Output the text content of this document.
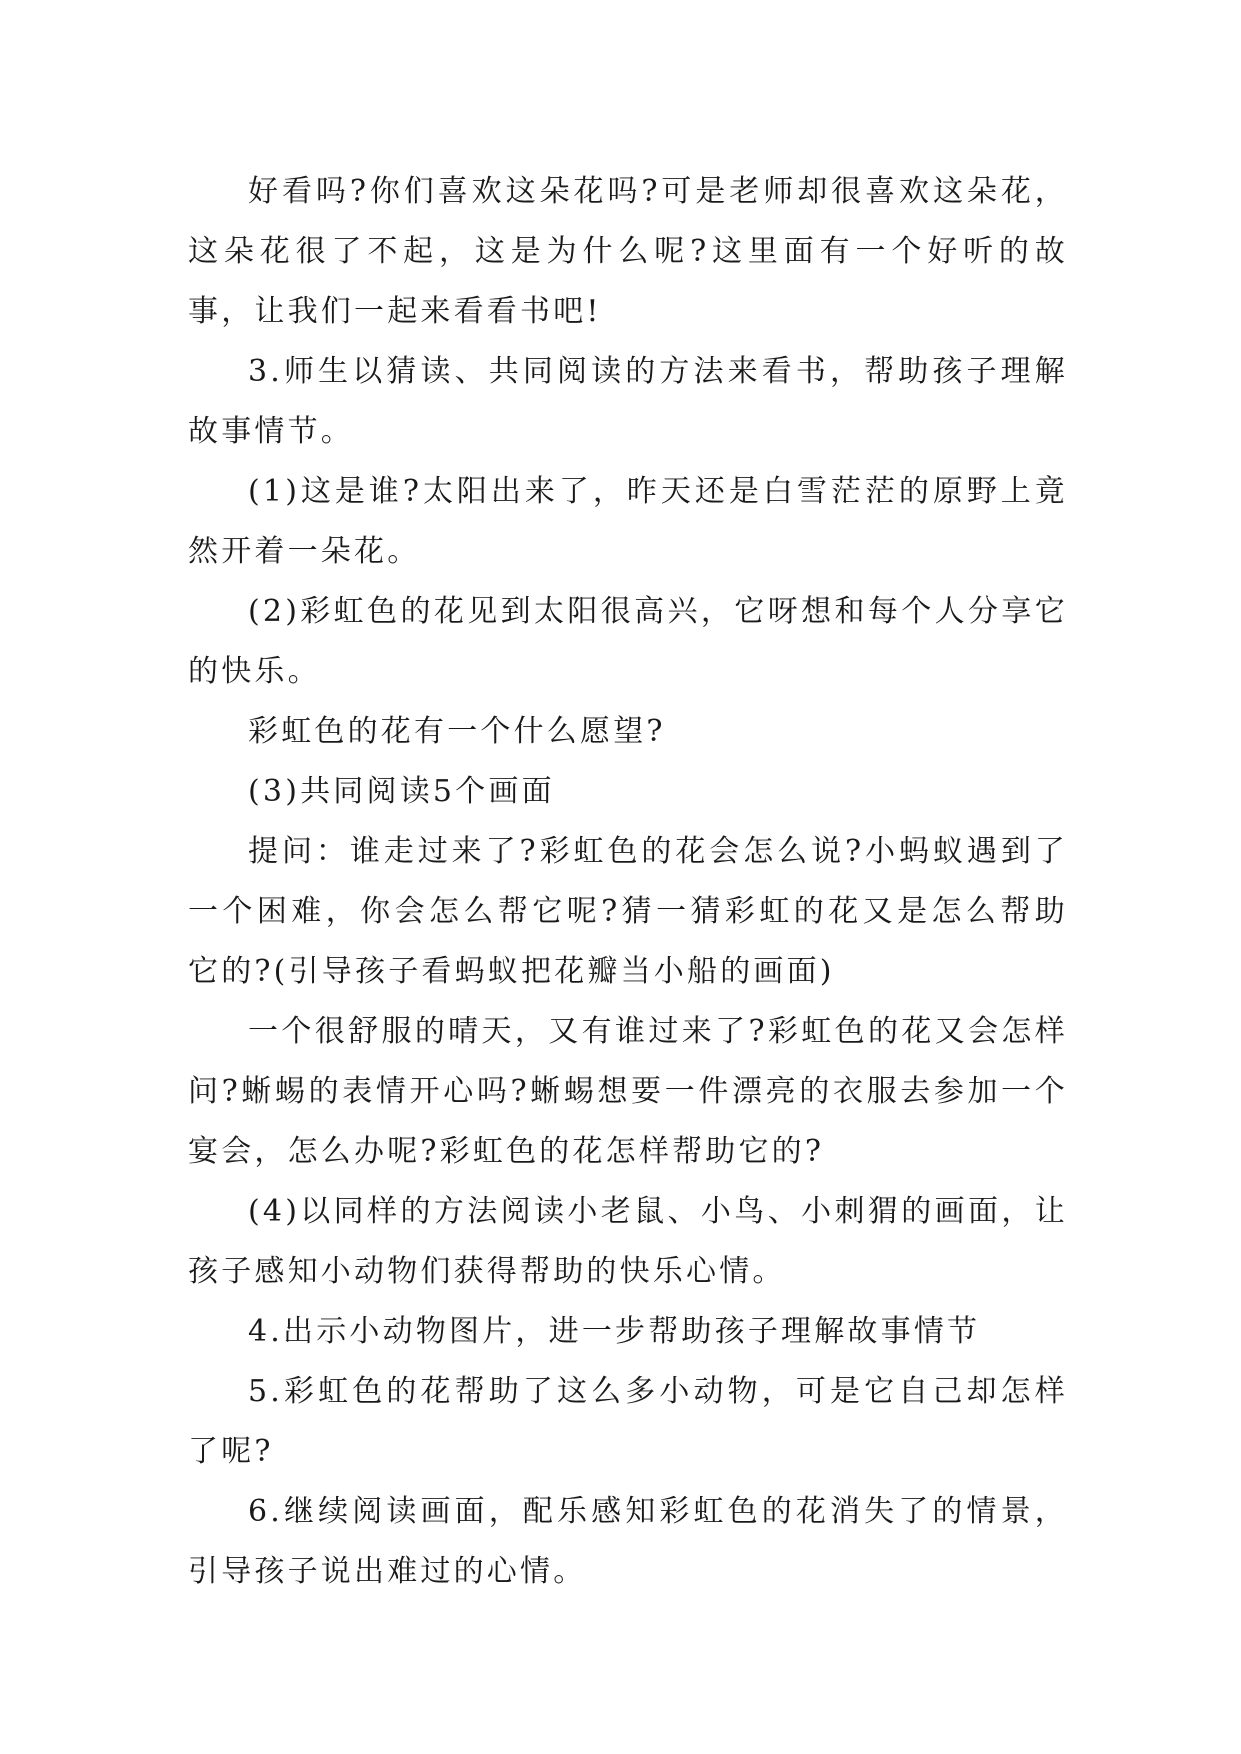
好看吗?你们喜欢这朵花吗?可是老师却很喜欢这朵花，这朵花很了不起，这是为什么呢?这里面有一个好听的故事，让我们一起来看看书吧!

3.师生以猜读、共同阅读的方法来看书，帮助孩子理解故事情节。

(1)这是谁?太阳出来了，昨天还是白雪茫茫的原野上竟然开着一朵花。

(2)彩虹色的花见到太阳很高兴，它呀想和每个人分享它的快乐。

彩虹色的花有一个什么愿望?

(3)共同阅读5个画面

提问：谁走过来了?彩虹色的花会怎么说?小蚂蚁遇到了一个困难，你会怎么帮它呢?猜一猜彩虹的花又是怎么帮助它的?(引导孩子看蚂蚁把花瓣当小船的画面)

一个很舒服的晴天，又有谁过来了?彩虹色的花又会怎样问?蜥蜴的表情开心吗?蜥蜴想要一件漂亮的衣服去参加一个宴会，怎么办呢?彩虹色的花怎样帮助它的?

(4)以同样的方法阅读小老鼠、小鸟、小刺猬的画面，让孩子感知小动物们获得帮助的快乐心情。

4.出示小动物图片，进一步帮助孩子理解故事情节

5.彩虹色的花帮助了这么多小动物，可是它自己却怎样了呢?

6.继续阅读画面，配乐感知彩虹色的花消失了的情景，引导孩子说出难过的心情。
